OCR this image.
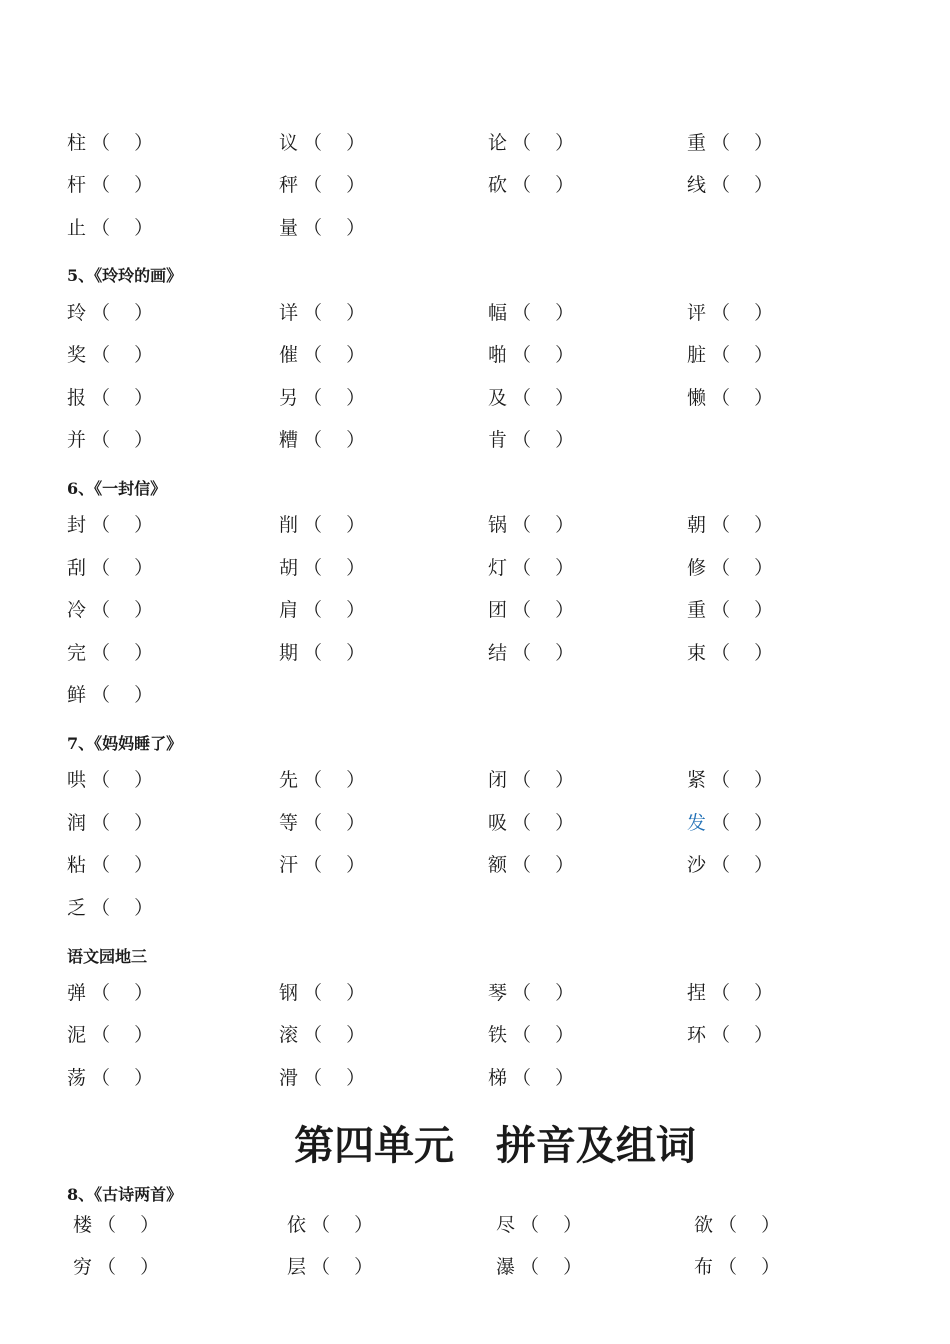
柱 （    ）	议 （    ）	论 （    ）	重 （    ）
杆 （    ）	秤 （    ）	砍 （    ）	线 （    ）
止 （    ）	量 （    ）
5、《玲玲的画》
玲 （    ）	详 （    ）	幅 （    ）	评 （    ）
奖 （    ）	催 （    ）	啪 （    ）	脏 （    ）
报 （    ）	另 （    ）	及 （    ）	懒 （    ）
并 （    ）	糟 （    ）	肯 （    ）
6、《一封信》
封 （    ）	削 （    ）	锅 （    ）	朝 （    ）
刮 （    ）	胡 （    ）	灯 （    ）	修 （    ）
冷 （    ）	肩 （    ）	团 （    ）	重 （    ）
完 （    ）	期 （    ）	结 （    ）	束 （    ）
鲜 （    ）
7、《妈妈睡了》
哄 （    ）	先 （    ）	闭 （    ）	紧 （    ）
润 （    ）	等 （    ）	吸 （    ）	发 （    ）
粘 （    ）	汗 （    ）	额 （    ）	沙 （    ）
乏 （    ）
语文园地三
弹 （    ）	钢 （    ）	琴 （    ）	捏 （    ）
泥 （    ）	滚 （    ）	铁 （    ）	环 （    ）
荡 （    ）	滑 （    ）	梯 （    ）
第四单元   拼音及组词
8、《古诗两首》
楼 （    ）	依 （    ）	尽 （    ）	欲 （    ）
穷 （    ）	层 （    ）	瀑 （    ）	布 （    ）
